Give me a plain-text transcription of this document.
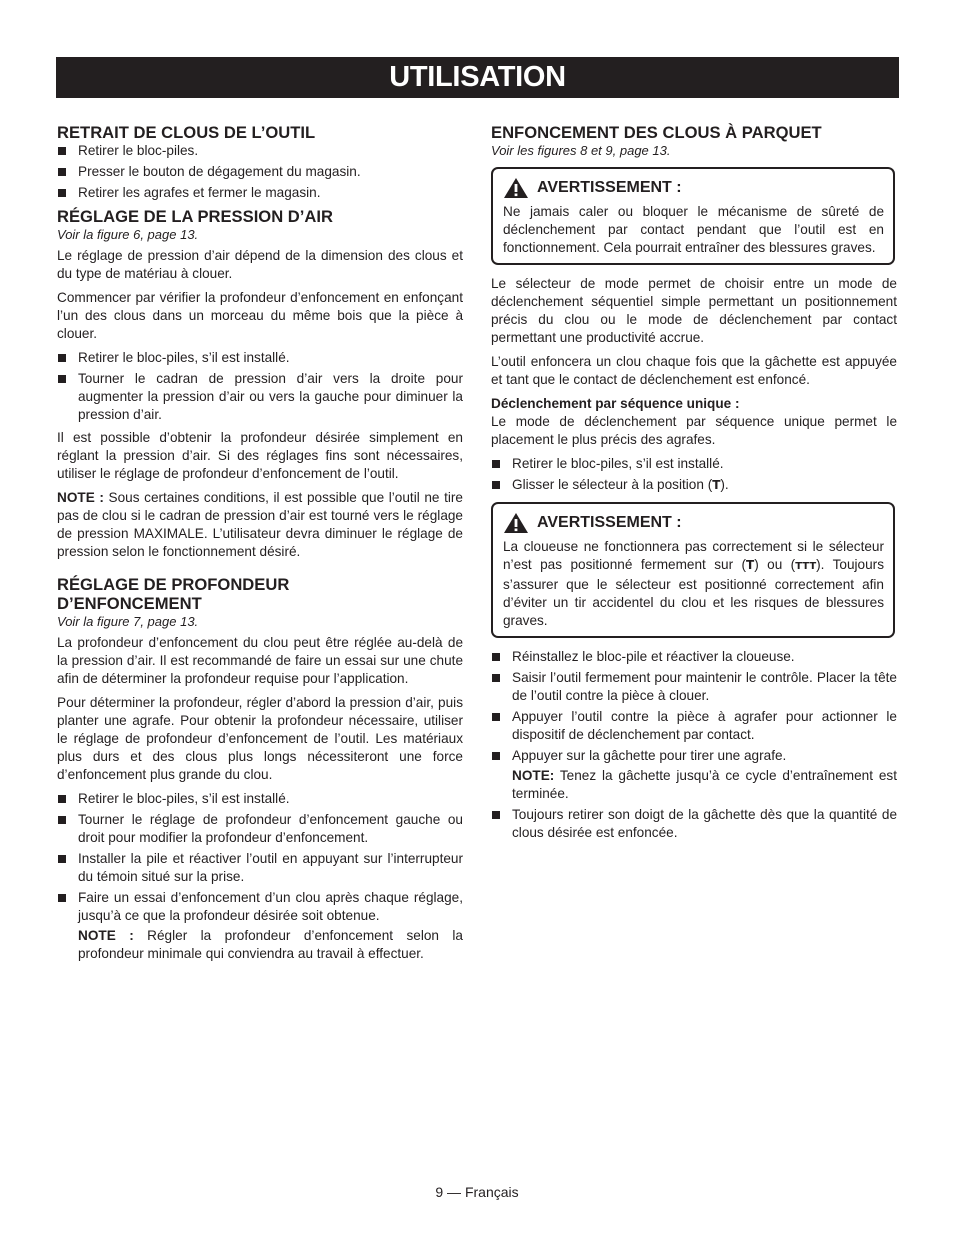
UTILISATION
RETRAIT DE CLOUS DE L’OUTIL
Retirer le bloc-piles.
Presser le bouton de dégagement du magasin.
Retirer les agrafes et fermer le magasin.
RÉGLAGE DE LA PRESSION D’AIR
Voir la figure 6, page 13.

Le réglage de pression d’air dépend de la dimension des clous et du type de matériau à clouer.

Commencer par vérifier la profondeur d’enfoncement en enfonçant l’un des clous dans un morceau du même bois que la pièce à clouer.

Retirer le bloc-piles, s’il est installé.
Tourner le cadran de pression d’air vers la droite pour augmenter la pression d’air ou vers la gauche pour diminuer la pression d’air.

Il est possible d’obtenir la profondeur désirée simplement en réglant la pression d’air. Si des réglages fins sont nécessaires, utiliser le réglage de profondeur d’enfoncement de l’outil.

NOTE : Sous certaines conditions, il est possible que l’outil ne tire pas de clou si le cadran de pression d’air est tourné vers le réglage de pression MAXIMALE. L’utilisateur devra diminuer le réglage de pression selon le fonctionnement désiré.

RÉGLAGE DE PROFONDEUR
D’ENFONCEMENT
Voir la figure 7, page 13.

La profondeur d’enfoncement du clou peut être réglée au-delà de la pression d’air. Il est recommandé de faire un essai sur une chute afin de déterminer la profondeur requise pour l’application.

Pour déterminer la profondeur, régler d’abord la pression d’air, puis planter une agrafe. Pour obtenir la profondeur nécessaire, utiliser le réglage de profondeur d’enfoncement de l’outil. Les matériaux plus durs et des clous plus longs nécessiteront une force d’enfoncement plus grande du clou.

Retirer le bloc-piles, s’il est installé.
Tourner le réglage de profondeur d’enfoncement gauche ou droit pour modifier la profondeur d’enfoncement.
Installer la pile et réactiver l’outil en appuyant sur l’interrupteur du témoin situé sur la prise.
Faire un essai d’enfoncement d’un clou après chaque réglage, jusqu’à ce que la profondeur désirée soit obtenue.
NOTE : Régler la profondeur d’enfoncement selon la profondeur minimale qui conviendra au travail à effectuer.
ENFONCEMENT DES CLOUS À PARQUET
Voir les figures 8 et 9, page 13.
AVERTISSEMENT :

Ne jamais caler ou bloquer le mécanisme de sûreté de déclenchement par contact pendant que l’outil est en fonctionnement. Cela pourrait entraîner des blessures graves.

Le sélecteur de mode permet de choisir entre un mode de déclenchement séquentiel simple permettant un positionnement précis du clou ou le mode de déclenchement par contact permettant une productivité accrue.

L’outil enfoncera un clou chaque fois que la gâchette est appuyée et tant que le contact de déclenchement est enfoncé.

Déclenchement par séquence unique :

Le mode de déclenchement par séquence unique permet le placement le plus précis des agrafes.

Retirer le bloc-piles, s’il est installé.
Glisser le sélecteur à la position (T).
AVERTISSEMENT :

La cloueuse ne fonctionnera pas correctement si le sélecteur n’est pas positionné fermement sur (T) ou (TTT). Toujours s’assurer que le sélecteur est positionné correctement afin d’éviter un tir accidentel du clou et les risques de blessures graves.

Réinstallez le bloc-pile et réactiver la cloueuse.
Saisir l’outil fermement pour maintenir le contrôle. Placer la tête de l’outil contre la pièce à clouer.
Appuyer l’outil contre la pièce à agrafer pour actionner le dispositif de déclenchement par contact.
Appuyer sur la gâchette pour tirer une agrafe.
NOTE: Tenez la gâchette jusqu’à ce cycle d’entraînement est terminée.
Toujours retirer son doigt de la gâchette dès que la quantité de clous désirée est enfoncée.
9 — Français
